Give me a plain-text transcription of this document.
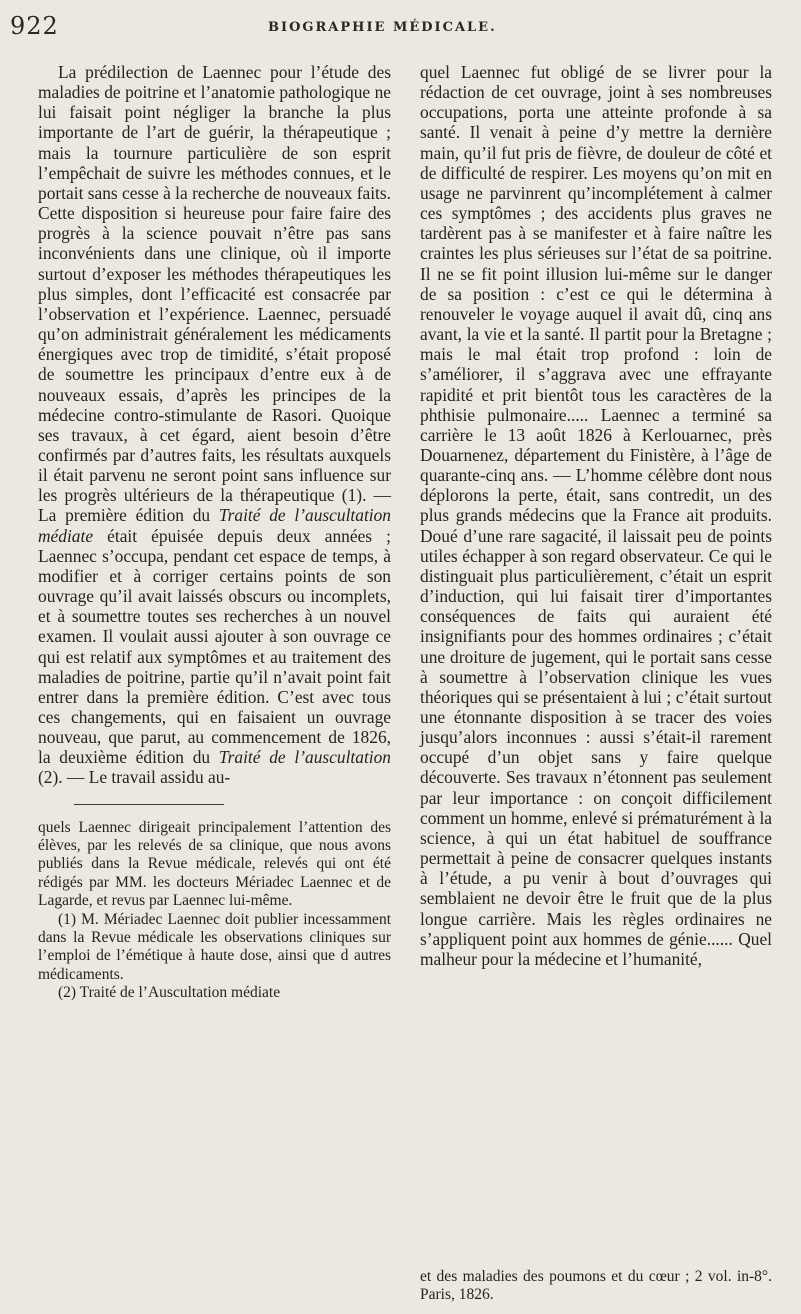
922	BIOGRAPHIE MÉDICALE.

La prédilection de Laennec pour l’étude des maladies de poitrine et l’anatomie pathologique ne lui faisait point négliger la branche la plus importante de l’art de guérir, la thérapeutique ; mais la tournure particulière de son esprit l’empêchait de suivre les méthodes connues, et le portait sans cesse à la recherche de nouveaux faits. Cette disposition si heureuse pour faire faire des progrès à la science pouvait n’être pas sans inconvénients dans une clinique, où il importe surtout d’exposer les méthodes thérapeutiques les plus simples, dont l’efficacité est consacrée par l’observation et l’expérience. Laennec, persuadé qu’on administrait généralement les médicaments énergiques avec trop de timidité, s’était proposé de soumettre les principaux d’entre eux à de nouveaux essais, d’après les principes de la médecine contro-stimulante de Rasori. Quoique ses travaux, à cet égard, aient besoin d’être confirmés par d’autres faits, les résultats auxquels il était parvenu ne seront point sans influence sur les progrès ultérieurs de la thérapeutique (1). — La première édition du Traité de l’auscultation médiate était épuisée depuis deux années ; Laennec s’occupa, pendant cet espace de temps, à modifier et à corriger certains points de son ouvrage qu’il avait laissés obscurs ou incomplets, et à soumettre toutes ses recherches à un nouvel examen. Il voulait aussi ajouter à son ouvrage ce qui est relatif aux symptômes et au traitement des maladies de poitrine, partie qu’il n’avait point fait entrer dans la première édition. C’est avec tous ces changements, qui en faisaient un ouvrage nouveau, que parut, au commencement de 1826, la deuxième édition du Traité de l’auscultation (2). — Le travail assidu au-

quels Laennec dirigeait principalement l’attention des élèves, par les relevés de sa clinique, que nous avons publiés dans la Revue médicale, relevés qui ont été rédigés par MM. les docteurs Mériadec Laennec et de Lagarde, et revus par Laennec lui-même.

(1) M. Mériadec Laennec doit publier incessamment dans la Revue médicale les observations cliniques sur l’emploi de l’émétique à haute dose, ainsi que d autres médicaments.

(2) Traité de l’Auscultation médiate

quel Laennec fut obligé de se livrer pour la rédaction de cet ouvrage, joint à ses nombreuses occupations, porta une atteinte profonde à sa santé. Il venait à peine d’y mettre la dernière main, qu’il fut pris de fièvre, de douleur de côté et de difficulté de respirer. Les moyens qu’on mit en usage ne parvinrent qu’incomplétement à calmer ces symptômes ; des accidents plus graves ne tardèrent pas à se manifester et à faire naître les craintes les plus sérieuses sur l’état de sa poitrine. Il ne se fit point illusion lui-même sur le danger de sa position : c’est ce qui le détermina à renouveler le voyage auquel il avait dû, cinq ans avant, la vie et la santé. Il partit pour la Bretagne ; mais le mal était trop profond : loin de s’améliorer, il s’aggrava avec une effrayante rapidité et prit bientôt tous les caractères de la phthisie pulmonaire..... Laennec a terminé sa carrière le 13 août 1826 à Kerlouarnec, près Douarnenez, département du Finistère, à l’âge de quarante-cinq ans. — L’homme célèbre dont nous déplorons la perte, était, sans contredit, un des plus grands médecins que la France ait produits. Doué d’une rare sagacité, il laissait peu de points utiles échapper à son regard observateur. Ce qui le distinguait plus particulièrement, c’était un esprit d’induction, qui lui faisait tirer d’importantes conséquences de faits qui auraient été insignifiants pour des hommes ordinaires ; c’était une droiture de jugement, qui le portait sans cesse à soumettre à l’observation clinique les vues théoriques qui se présentaient à lui ; c’était surtout une étonnante disposition à se tracer des voies jusqu’alors inconnues : aussi s’était-il rarement occupé d’un objet sans y faire quelque découverte. Ses travaux n’étonnent pas seulement par leur importance : on conçoit difficilement comment un homme, enlevé si prématurément à la science, à qui un état habituel de souffrance permettait à peine de consacrer quelques instants à l’étude, a pu venir à bout d’ouvrages qui semblaient ne devoir être le fruit que de la plus longue carrière. Mais les règles ordinaires ne s’appliquent point aux hommes de génie...... Quel malheur pour la médecine et l’humanité,

et des maladies des poumons et du cœur ; 2 vol. in-8°. Paris, 1826.
